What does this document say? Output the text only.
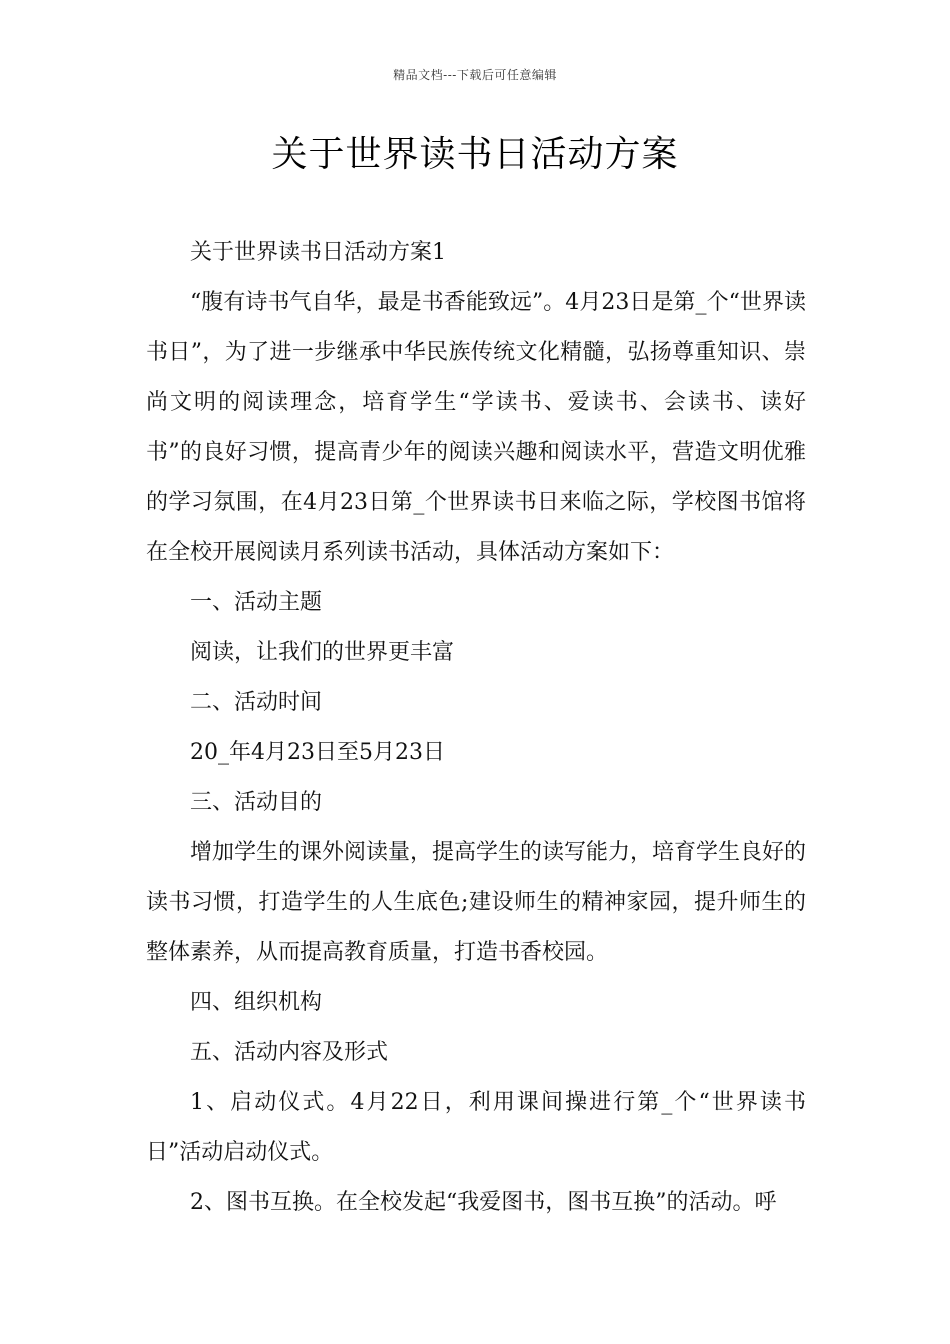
精品文档---下载后可任意编辑
关于世界读书日活动方案

关于世界读书日活动方案1

“腹有诗书气自华，最是书香能致远”。4月23日是第_个“世界读书日”，为了进一步继承中华民族传统文化精髓，弘扬尊重知识、崇尚文明的阅读理念，培育学生“学读书、爱读书、会读书、读好书”的良好习惯，提高青少年的阅读兴趣和阅读水平，营造文明优雅的学习氛围，在4月23日第_个世界读书日来临之际，学校图书馆将在全校开展阅读月系列读书活动，具体活动方案如下：

一、活动主题

阅读，让我们的世界更丰富

二、活动时间

20_年4月23日至5月23日

三、活动目的

增加学生的课外阅读量，提高学生的读写能力，培育学生良好的读书习惯，打造学生的人生底色;建设师生的精神家园，提升师生的整体素养，从而提高教育质量，打造书香校园。

四、组织机构

五、活动内容及形式

1、启动仪式。4月22日，利用课间操进行第_个“世界读书日”活动启动仪式。

2、图书互换。在全校发起“我爱图书，图书互换”的活动。呼
